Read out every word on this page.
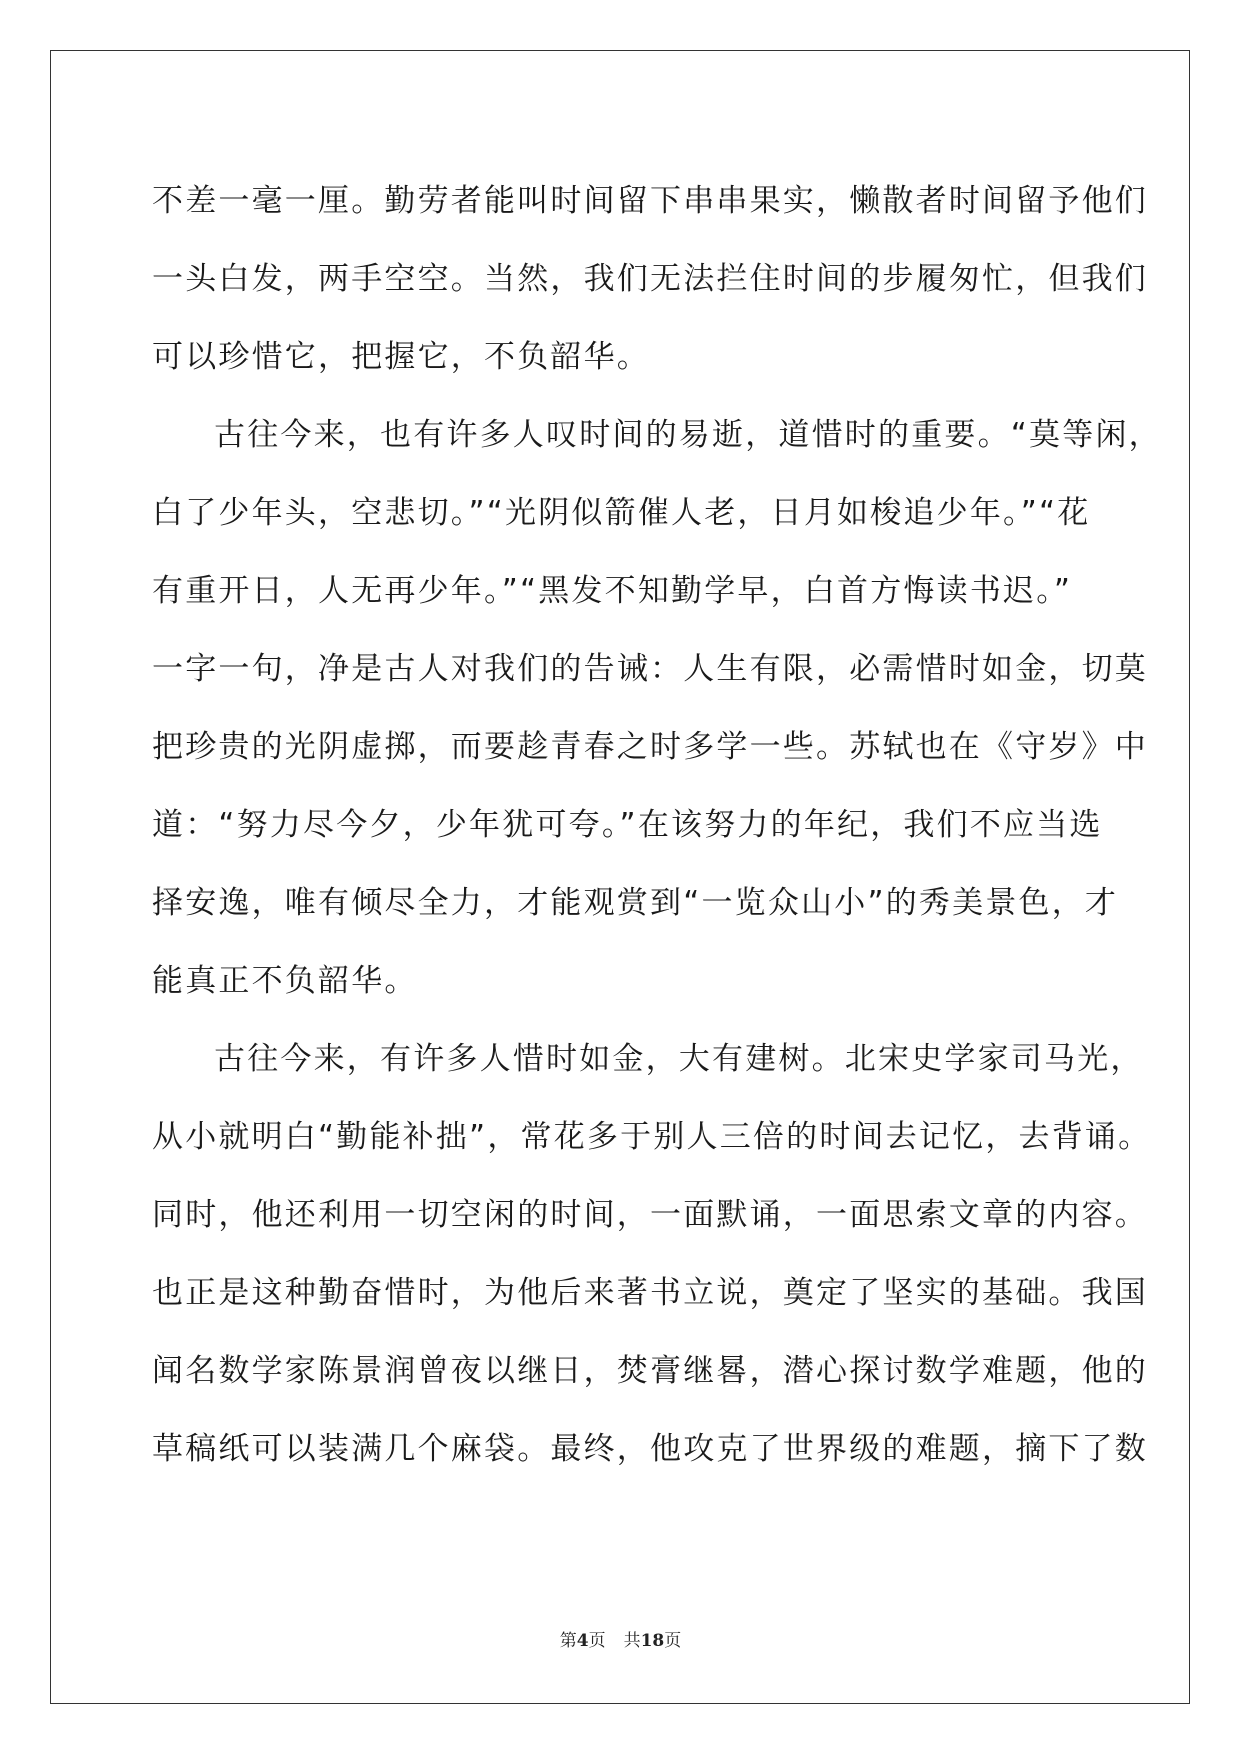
不差一毫一厘。勤劳者能叫时间留下串串果实，懒散者时间留予他们
一头白发，两手空空。当然，我们无法拦住时间的步履匆忙，但我们
可以珍惜它，把握它，不负韶华。
古往今来，也有许多人叹时间的易逝，道惜时的重要。“莫等闲，
白了少年头，空悲切。”“光阴似箭催人老，日月如梭追少年。”“花
有重开日，人无再少年。”“黑发不知勤学早，白首方悔读书迟。”
一字一句，净是古人对我们的告诫：人生有限，必需惜时如金，切莫
把珍贵的光阴虚掷，而要趁青春之时多学一些。苏轼也在《守岁》中
道：“努力尽今夕，少年犹可夸。”在该努力的年纪，我们不应当选
择安逸，唯有倾尽全力，才能观赏到“一览众山小”的秀美景色，才
能真正不负韶华。
古往今来，有许多人惜时如金，大有建树。北宋史学家司马光，
从小就明白“勤能补拙”，常花多于别人三倍的时间去记忆，去背诵。
同时，他还利用一切空闲的时间，一面默诵，一面思索文章的内容。
也正是这种勤奋惜时，为他后来著书立说，奠定了坚实的基础。我国
闻名数学家陈景润曾夜以继日，焚膏继晷，潜心探讨数学难题，他的
草稿纸可以装满几个麻袋。最终，他攻克了世界级的难题，摘下了数
第4页 共18页
